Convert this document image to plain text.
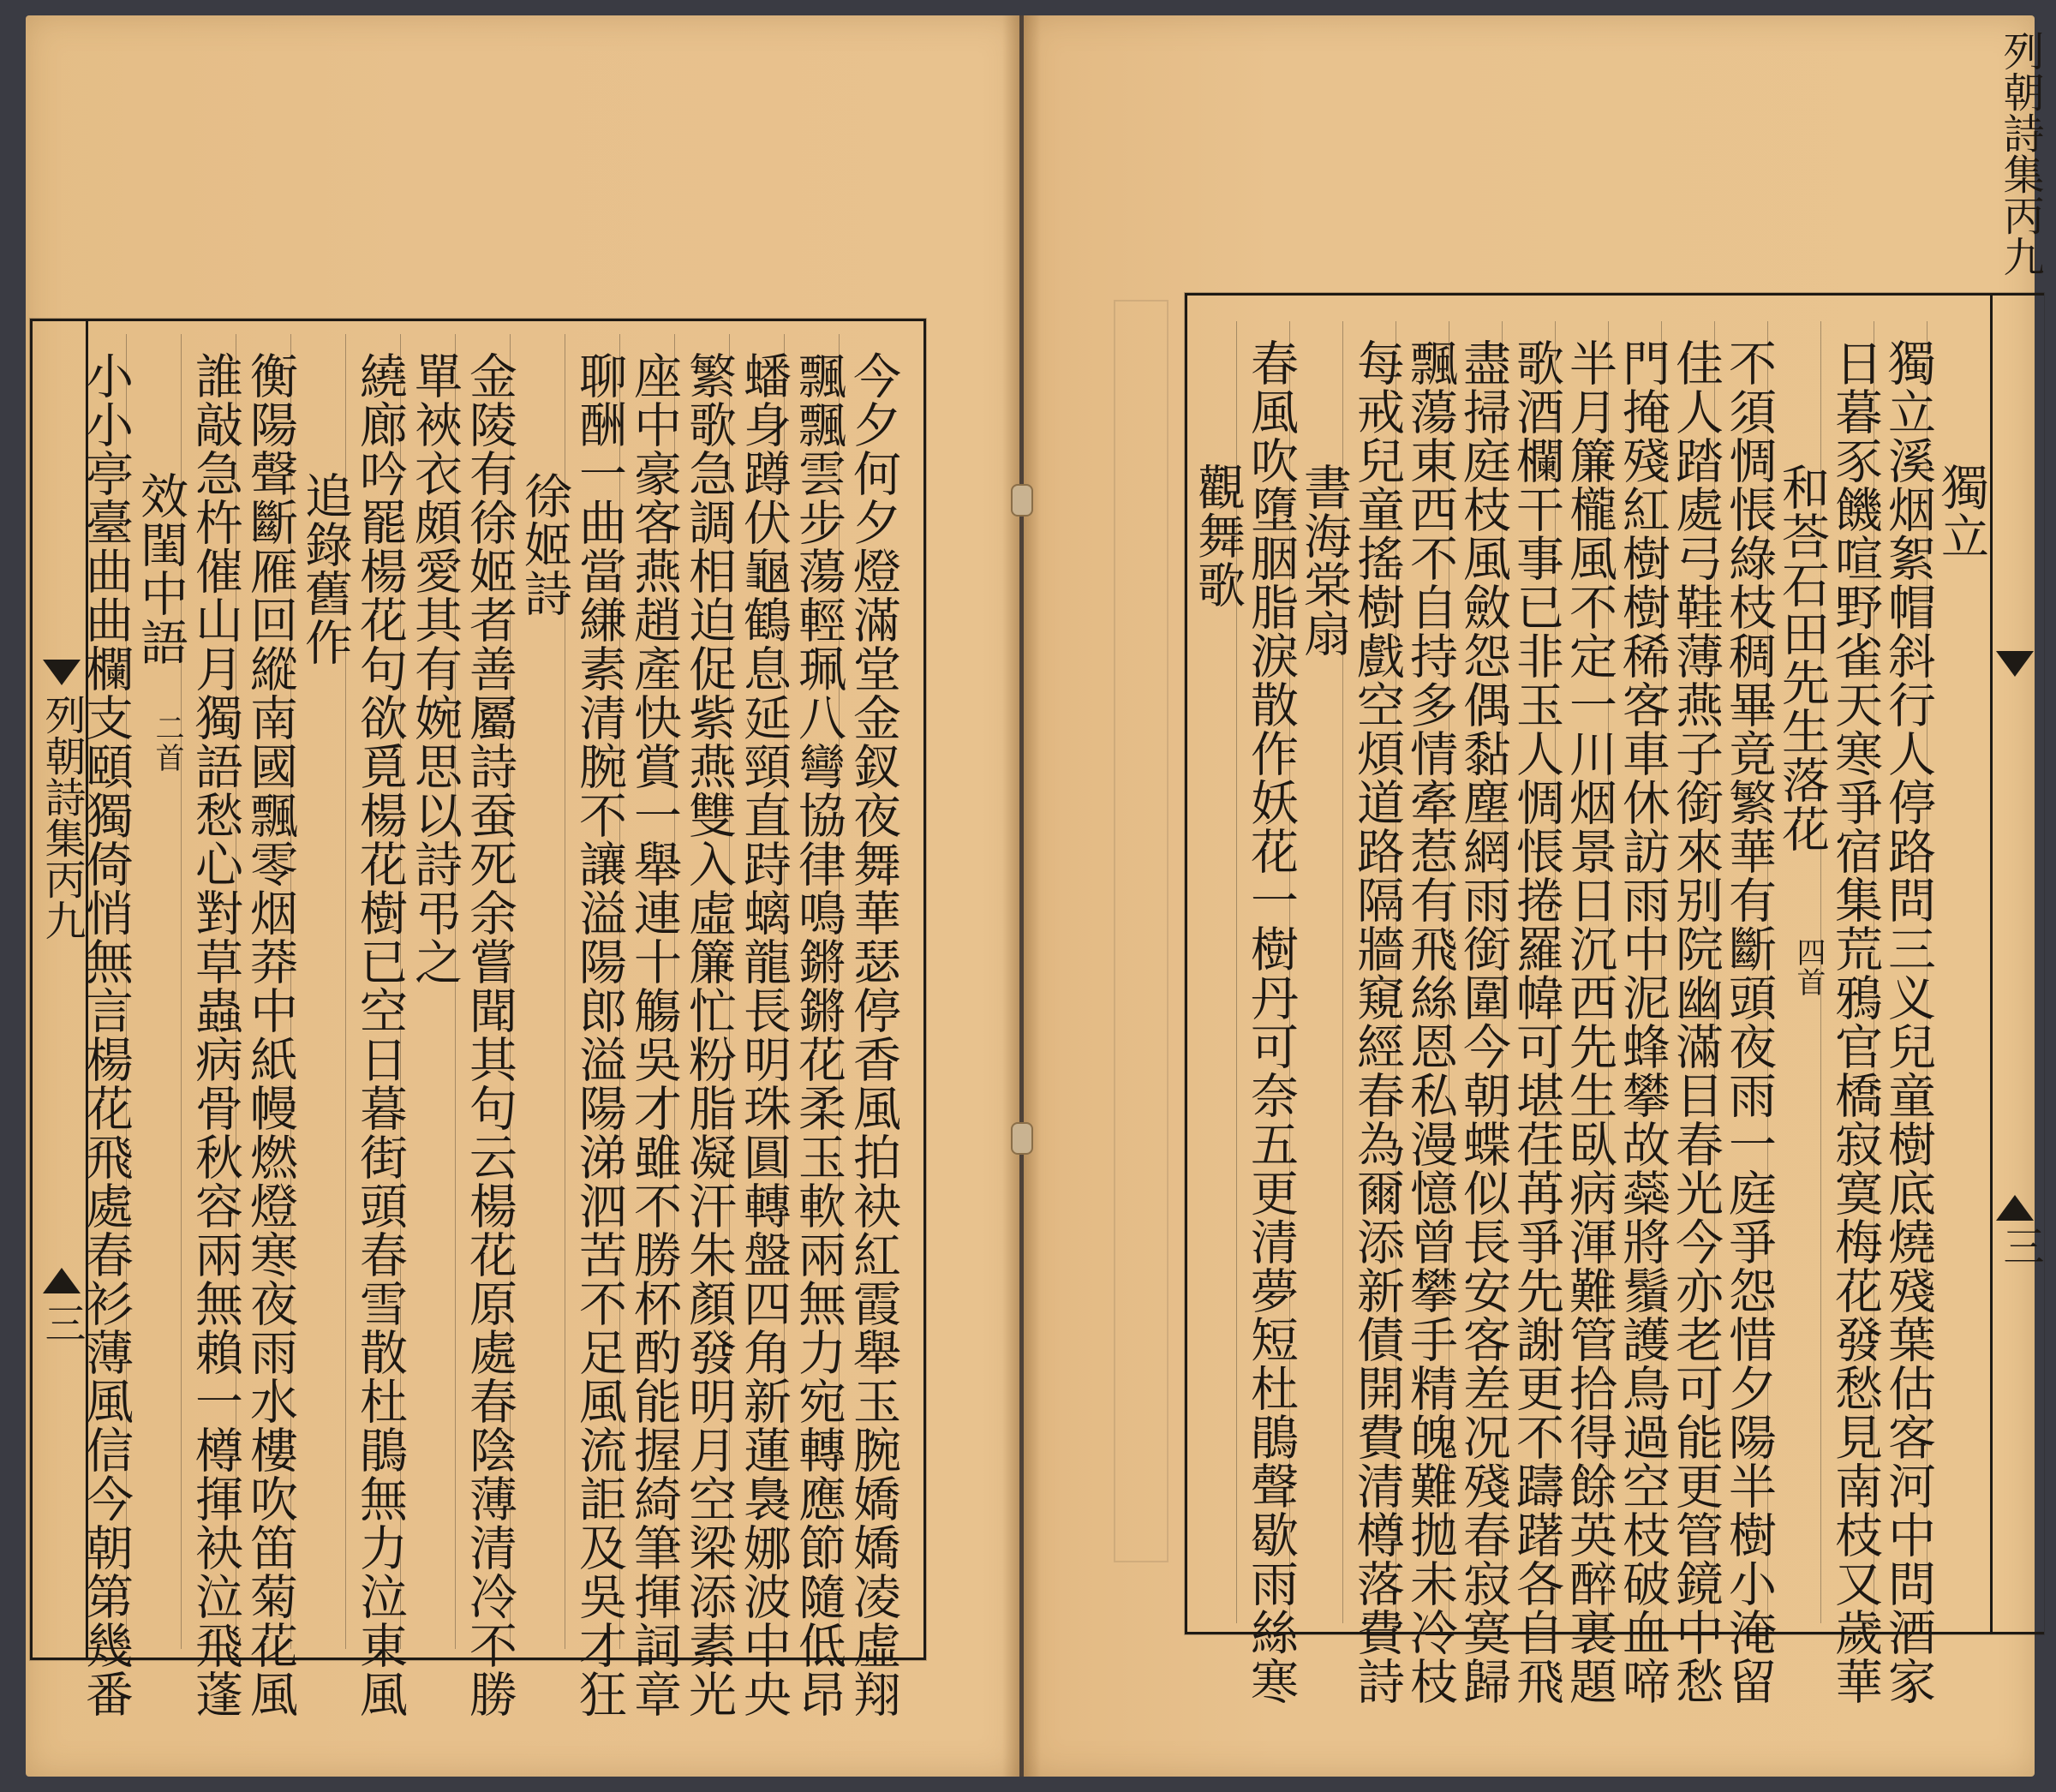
列朝詩集丙九
三	今夕何夕燈滿堂金釵夜舞華瑟停香風拍袂紅霞舉玉腕嬌嬌凌虛翔
飄飄雲步蕩輕珮八彎協律鳴鏘鏘花柔玉軟兩無力宛轉應節隨低昂
蟠身蹲伏龜鶴息延頸直跱螭龍長明珠圓轉盤四角新蓮裊娜波中央
繁歌急調相迫促紫燕雙入虛簾忙粉脂凝汗朱顏發明月空梁添素光
座中豪客燕趙產快賞一舉連十觴吳才雖不勝杯酌能握綺筆揮詞章
聊酬一曲當縑素清腕不讓溢陽郎溢陽涕泗苦不足風流詎及吳才狂
徐姬詩
金陵有徐姬者善屬詩蚕死余嘗聞其句云楊花原處春陰薄清冷不勝
單裌衣頗愛其有婉思以詩弔之
繞廊吟罷楊花句欲覓楊花樹已空日暮街頭春雪散杜鵑無力泣東風
追錄舊作
衡陽聲斷雁回縱南國飄零烟莽中紙幔燃燈寒夜雨水樓吹笛菊花風
誰敲急杵催山月獨語愁心對草蟲病骨秋容兩無賴一樽揮袂泣飛蓬
效閨中語
二首
小小亭臺曲曲欄支頤獨倚悄無言楊花飛處春衫薄風信今朝第幾番
列朝詩集丙九
三
獨立
獨立溪烟絮帽斜行人停路問三义兒童樹底燒殘葉估客河中問酒家
日暮豕饑喧野雀天寒爭宿集荒鴉官橋寂寞梅花發愁見南枝又歲華
和荅石田先生落花
四首
不須惆悵綠枝稠畢竟繁華有斷頭夜雨一庭爭怨惜夕陽半樹小淹留
佳人踏處弓鞋薄燕子銜來别院幽滿目春光今亦老可能更管鏡中愁
門掩殘紅樹樹稀客車休訪雨中泥蜂攀故蘂將鬚護鳥過空枝破血啼
半月簾櫳風不定一川烟景日沉西先生臥病渾難管拾得餘英醉裏題
歌酒欄干事已非玉人惆悵捲羅幃可堪荏苒爭先謝更不躊躇各自飛
盡掃庭枝風斂怨偶黏塵網雨銜圍今朝蝶似長安客差况殘春寂寞歸
飄蕩東西不自持多情牽惹有飛絲恩私漫憶曾攀手精魄難拋未冷枝
每戒兒童搖樹戲空煩道路隔牆窺經春為爾添新債開費清樽落費詩
書海棠扇
春風吹墮胭脂淚散作妖花一樹丹可奈五更清夢短杜鵑聲歇雨絲寒
觀舞歌
